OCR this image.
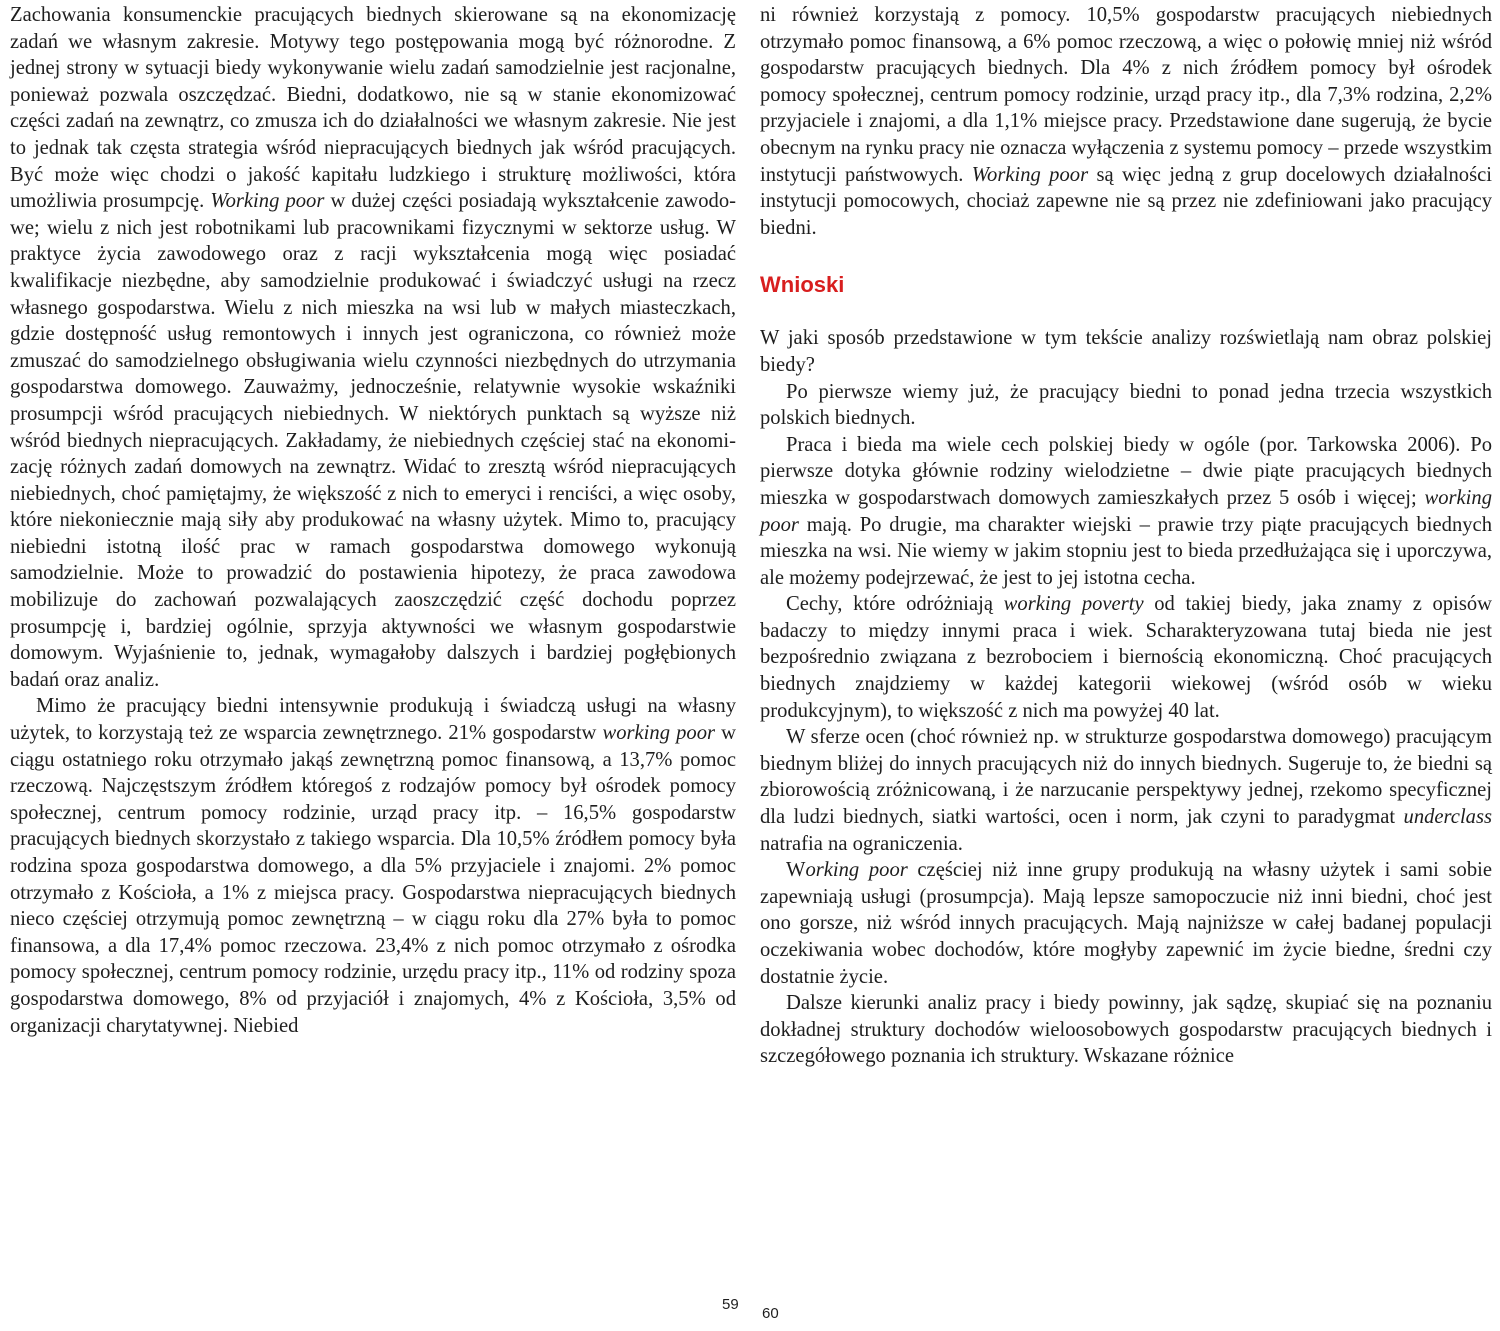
Zachowania konsumenckie pracujących biednych skierowane są na ekonomizację zadań we własnym zakresie. Motywy tego postępowania mogą być różnorodne. Z jednej strony w sytuacji biedy wykonywanie wielu zadań samodzielnie jest racjonalne, ponieważ pozwala oszczędzać. Biedni, dodatkowo, nie są w stanie ekonomizować części zadań na zewnątrz, co zmusza ich do działalności we własnym zakresie. Nie jest to jednak tak częsta strategia wśród niepracujących biednych jak wśród pracujących. Być może więc chodzi o jakość kapitału ludzkiego i strukturę możliwości, która umożliwia prosumpcję. Working poor w dużej części posiadają wykształcenie zawodowe; wielu z nich jest robotnikami lub pracownikami fizycznymi w sektorze usług. W praktyce życia zawodowego oraz z racji wykształcenia mogą więc posiadać kwalifikacje niezbędne, aby samodzielnie produkować i świadczyć usługi na rzecz własnego gospodarstwa. Wielu z nich mieszka na wsi lub w małych miasteczkach, gdzie dostępność usług remontowych i innych jest ograniczona, co również może zmuszać do samodzielnego obsługiwania wielu czynności niezbędnych do utrzymania gospodarstwa domowego. Zauważmy, jednocześnie, relatywnie wysokie wskaźniki prosumpcji wśród pracujących niebiednych. W niektórych punktach są wyższe niż wśród biednych niepracujących. Zakładamy, że niebiednych częściej stać na ekonomizację różnych zadań domowych na zewnątrz. Widać to zresztą wśród niepracujących niebiednych, choć pamiętajmy, że większość z nich to emeryci i renciści, a więc osoby, które niekoniecznie mają siły aby produkować na własny użytek. Mimo to, pracujący niebiedni istotną ilość prac w ramach gospodarstwa domowego wykonują samodzielnie. Może to prowadzić do postawienia hipotezy, że praca zawodowa mobilizuje do zachowań pozwalających zaoszczędzić część dochodu poprzez prosumpcję i, bardziej ogólnie, sprzyja aktywności we własnym gospodarstwie domowym. Wyjaśnienie to, jednak, wymagałoby dalszych i bardziej pogłębionych badań oraz analiz.

Mimo że pracujący biedni intensywnie produkują i świadczą usługi na własny użytek, to korzystają też ze wsparcia zewnętrznego. 21% gospodarstw working poor w ciągu ostatniego roku otrzymało jakąś zewnętrzną pomoc finansową, a 13,7% pomoc rzeczową. Najczęstszym źródłem któregoś z rodzajów pomocy był ośrodek pomocy społecznej, centrum pomocy rodzinie, urząd pracy itp. – 16,5% gospodarstw pracujących biednych skorzystało z takiego wsparcia. Dla 10,5% źródłem pomocy była rodzina spoza gospodarstwa domowego, a dla 5% przyjaciele i znajomi. 2% pomoc otrzymało z Kościoła, a 1% z miejsca pracy. Gospodarstwa niepracujących biednych nieco częściej otrzymują pomoc zewnętrzną – w ciągu roku dla 27% była to pomoc finansowa, a dla 17,4% pomoc rzeczowa. 23,4% z nich pomoc otrzymało z ośrodka pomocy społecznej, centrum pomocy rodzinie, urzędu pracy itp., 11% od rodziny spoza gospodarstwa domowego, 8% od przyjaciół i znajomych, 4% z Kościoła, 3,5% od organizacji charytatywnej. Niebied

59

ni również korzystają z pomocy. 10,5% gospodarstw pracujących niebiednych otrzymało pomoc finansową, a 6% pomoc rzeczową, a więc o połowię mniej niż wśród gospodarstw pracujących biednych. Dla 4% z nich źródłem pomocy był ośrodek pomocy społecznej, centrum pomocy rodzinie, urząd pracy itp., dla 7,3% rodzina, 2,2% przyjaciele i znajomi, a dla 1,1% miejsce pracy. Przedstawione dane sugerują, że bycie obecnym na rynku pracy nie oznacza wyłączenia z systemu pomocy – przede wszystkim instytucji państwowych. Working poor są więc jedną z grup docelowych działalności instytucji pomocowych, chociaż zapewne nie są przez nie zdefiniowani jako pracujący biedni.

Wnioski

W jaki sposób przedstawione w tym tekście analizy rozświetlają nam obraz polskiej biedy?

Po pierwsze wiemy już, że pracujący biedni to ponad jedna trzecia wszystkich polskich biednych.

Praca i bieda ma wiele cech polskiej biedy w ogóle (por. Tarkowska 2006). Po pierwsze dotyka głównie rodziny wielodzietne – dwie piąte pracujących biednych mieszka w gospodarstwach domowych zamieszkałych przez 5 osób i więcej; working poor mają. Po drugie, ma charakter wiejski – prawie trzy piąte pracujących biednych mieszka na wsi. Nie wiemy w jakim stopniu jest to bieda przedłużająca się i uporczywa, ale możemy podejrzewać, że jest to jej istotna cecha.

Cechy, które odróżniają working poverty od takiej biedy, jaka znamy z opisów badaczy to między innymi praca i wiek. Scharakteryzowana tutaj bieda nie jest bezpośrednio związana z bezrobociem i biernością ekonomiczną. Choć pracujących biednych znajdziemy w każdej kategorii wiekowej (wśród osób w wieku produkcyjnym), to większość z nich ma powyżej 40 lat.

W sferze ocen (choć również np. w strukturze gospodarstwa domowego) pracującym biednym bliżej do innych pracujących niż do innych biednych. Sugeruje to, że biedni są zbiorowością zróżnicowaną, i że narzucanie perspektywy jednej, rzekomo specyficznej dla ludzi biednych, siatki wartości, ocen i norm, jak czyni to paradygmat underclass natrafia na ograniczenia.

Working poor częściej niż inne grupy produkują na własny użytek i sami sobie zapewniają usługi (prosumpcja). Mają lepsze samopoczucie niż inni biedni, choć jest ono gorsze, niż wśród innych pracujących. Mają najniższe w całej badanej populacji oczekiwania wobec dochodów, które mogłyby zapewnić im życie biedne, średni czy dostatnie życie.

Dalsze kierunki analiz pracy i biedy powinny, jak sądzę, skupiać się na poznaniu dokładnej struktury dochodów wieloosobowych gospodarstw pracujących biednych i szczegółowego poznania ich struktury. Wskazane różnice

60
